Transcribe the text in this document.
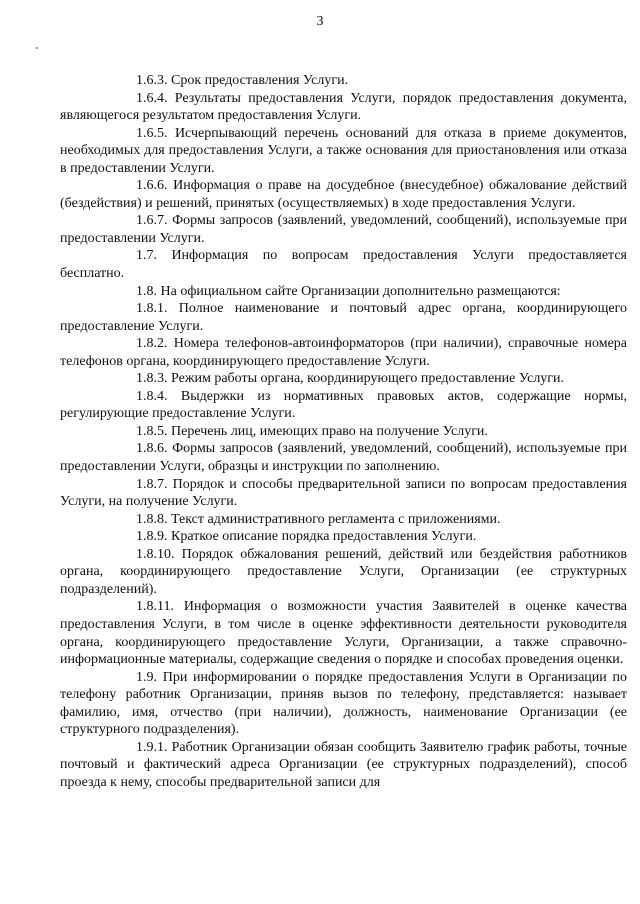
3

1.6.3. Срок предоставления Услуги.

1.6.4. Результаты предоставления Услуги, порядок предоставления документа, являющегося результатом предоставления Услуги.

1.6.5. Исчерпывающий перечень оснований для отказа в приеме документов, необходимых для предоставления Услуги, а также основания для приостановления или отказа в предоставлении Услуги.

1.6.6. Информация о праве на досудебное (внесудебное) обжалование действий (бездействия) и решений, принятых (осуществляемых) в ходе предоставления Услуги.

1.6.7. Формы запросов (заявлений, уведомлений, сообщений), используемые при предоставлении Услуги.

1.7. Информация по вопросам предоставления Услуги предоставляется бесплатно.

1.8. На официальном сайте Организации дополнительно размещаются:

1.8.1. Полное наименование и почтовый адрес органа, координирующего предоставление Услуги.

1.8.2. Номера телефонов-автоинформаторов (при наличии), справочные номера телефонов органа, координирующего предоставление Услуги.

1.8.3. Режим работы органа, координирующего предоставление Услуги.

1.8.4. Выдержки из нормативных правовых актов, содержащие нормы, регулирующие предоставление Услуги.

1.8.5. Перечень лиц, имеющих право на получение Услуги.

1.8.6. Формы запросов (заявлений, уведомлений, сообщений), используемые при предоставлении Услуги, образцы и инструкции по заполнению.

1.8.7. Порядок и способы предварительной записи по вопросам предоставления Услуги, на получение Услуги.

1.8.8. Текст административного регламента с приложениями.

1.8.9. Краткое описание порядка предоставления Услуги.

1.8.10. Порядок обжалования решений, действий или бездействия работников органа, координирующего предоставление Услуги, Организации (ее структурных подразделений).

1.8.11. Информация о возможности участия Заявителей в оценке качества предоставления Услуги, в том числе в оценке эффективности деятельности руководителя органа, координирующего предоставление Услуги, Организации, а также справочно-информационные материалы, содержащие сведения о порядке и способах проведения оценки.

1.9. При информировании о порядке предоставления Услуги в Организации по телефону работник Организации, приняв вызов по телефону, представляется: называет фамилию, имя, отчество (при наличии), должность, наименование Организации (ее структурного подразделения).

1.9.1. Работник Организации обязан сообщить Заявителю график работы, точные почтовый и фактический адреса Организации (ее структурных подразделений), способ проезда к нему, способы предварительной записи для
